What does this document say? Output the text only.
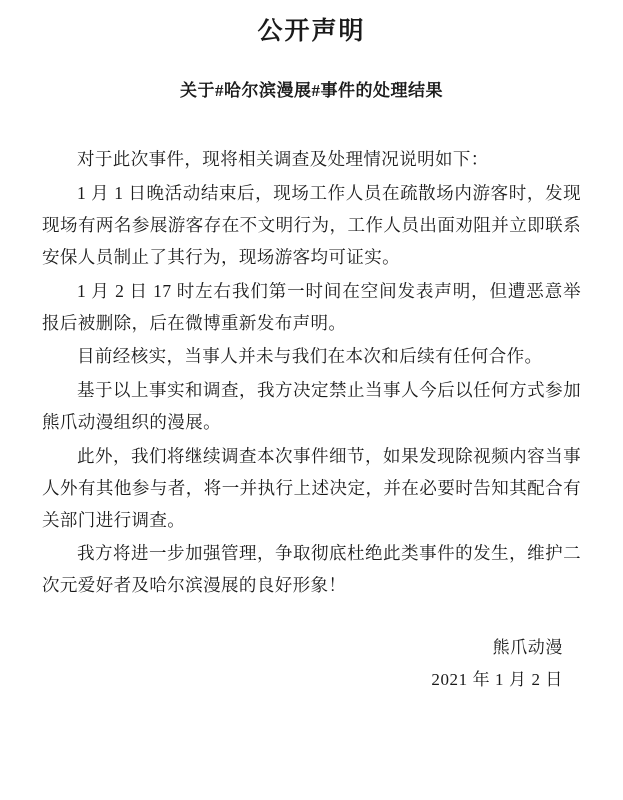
公开声明
关于#哈尔滨漫展#事件的处理结果

对于此次事件，现将相关调查及处理情况说明如下：

1 月 1 日晚活动结束后，现场工作人员在疏散场内游客时，发现现场有两名参展游客存在不文明行为，工作人员出面劝阻并立即联系安保人员制止了其行为，现场游客均可证实。

1 月 2 日 17 时左右我们第一时间在空间发表声明，但遭恶意举报后被删除，后在微博重新发布声明。

目前经核实，当事人并未与我们在本次和后续有任何合作。

基于以上事实和调查，我方决定禁止当事人今后以任何方式参加熊爪动漫组织的漫展。

此外，我们将继续调查本次事件细节，如果发现除视频内容当事人外有其他参与者，将一并执行上述决定，并在必要时告知其配合有关部门进行调查。

我方将进一步加强管理，争取彻底杜绝此类事件的发生，维护二次元爱好者及哈尔滨漫展的良好形象！

熊爪动漫
2021 年 1 月 2 日
